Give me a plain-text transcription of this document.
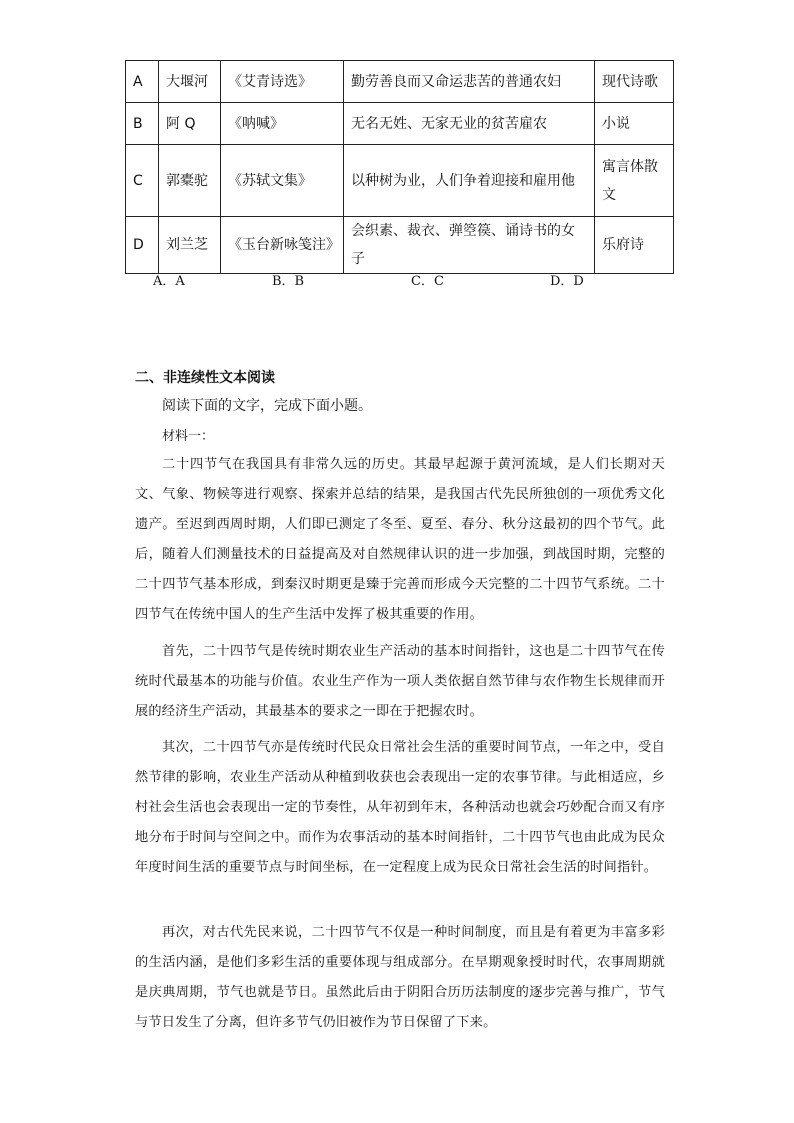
A	大堰河	《艾青诗选》	勤劳善良而又命运悲苦的普通农妇	现代诗歌
B	阿 Q	《呐喊》	无名无姓、无家无业的贫苦雇农	小说
C	郭橐驼	《苏轼文集》	以种树为业，人们争着迎接和雇用他	寓言体散文
D	刘兰芝	《玉台新咏笺注》	会织素、裁衣、弹箜篌、诵诗书的女子	乐府诗
A．A	B．B	C．C	D．D
二、非连续性文本阅读
阅读下面的文字，完成下面小题。
材料一：

二十四节气在我国具有非常久远的历史。其最早起源于黄河流域，是人们长期对天文、气象、物候等进行观察、探索并总结的结果，是我国古代先民所独创的一项优秀文化遗产。至迟到西周时期，人们即已测定了冬至、夏至、春分、秋分这最初的四个节气。此后，随着人们测量技术的日益提高及对自然规律认识的进一步加强，到战国时期，完整的二十四节气基本形成，到秦汉时期更是臻于完善而形成今天完整的二十四节气系统。二十四节气在传统中国人的生产生活中发挥了极其重要的作用。

首先，二十四节气是传统时期农业生产活动的基本时间指针，这也是二十四节气在传统时代最基本的功能与价值。农业生产作为一项人类依据自然节律与农作物生长规律而开展的经济生产活动，其最基本的要求之一即在于把握农时。

其次，二十四节气亦是传统时代民众日常社会生活的重要时间节点，一年之中，受自然节律的影响，农业生产活动从种植到收获也会表现出一定的农事节律。与此相适应，乡村社会生活也会表现出一定的节奏性，从年初到年末，各种活动也就会巧妙配合而又有序地分布于时间与空间之中。而作为农事活动的基本时间指针，二十四节气也由此成为民众年度时间生活的重要节点与时间坐标，在一定程度上成为民众日常社会生活的时间指针。

再次，对古代先民来说，二十四节气不仅是一种时间制度，而且是有着更为丰富多彩的生活内涵，是他们多彩生活的重要体现与组成部分。在早期观象授时时代，农事周期就是庆典周期，节气也就是节日。虽然此后由于阴阳合历历法制度的逐步完善与推广，节气与节日发生了分离，但许多节气仍旧被作为节日保留了下来。
